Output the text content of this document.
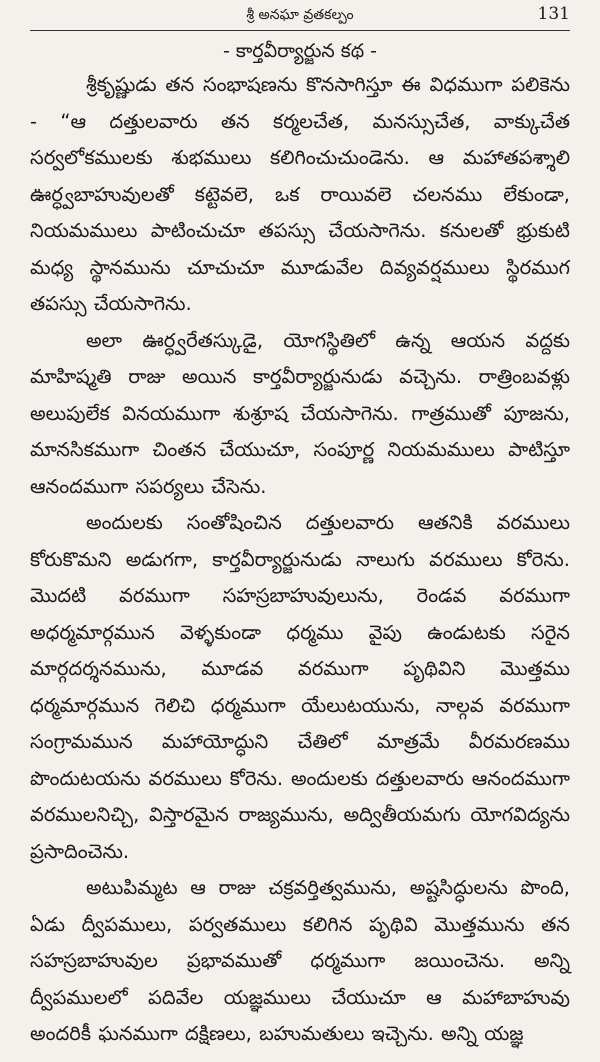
శ్రీ అనఘా వ్రతకల్పం	131
- కార్తవీర్యార్జున కథ -

శ్రీకృష్ణుడు తన సంభాషణను కొనసాగిస్తూ ఈ విధముగా పలికెను - “ఆ దత్తులవారు తన కర్మలచేత, మనస్సుచేత, వాక్కుచేత సర్వలోకములకు శుభములు కలిగించుచుండెను. ఆ మహాతపశ్శాలి ఊర్ధ్వబాహువులతో కట్టెవలె, ఒక రాయివలె చలనము లేకుండా, నియమములు పాటించుచూ తపస్సు చేయసాగెను. కనులతో భ్రుకుటి మధ్య స్థానమును చూచుచూ మూడువేల దివ్యవర్షములు స్థిరముగ తపస్సు చేయసాగెను.

అలా ఊర్ధ్వరేతస్కుడై, యోగస్థితిలో ఉన్న ఆయన వద్దకు మాహిష్మతి రాజు అయిన కార్తవీర్యార్జునుడు వచ్చెను. రాత్రింబవళ్లు అలుపులేక వినయముగా శుశ్రూష చేయసాగెను. గాత్రముతో పూజను, మానసికముగా చింతన చేయుచూ, సంపూర్ణ నియమములు పాటిస్తూ ఆనందముగా సపర్యలు చేసెను.

అందులకు సంతోషించిన దత్తులవారు ఆతనికి వరములు కోరుకొమని అడుగగా, కార్తవీర్యార్జునుడు నాలుగు వరములు కోరెను. మొదటి వరముగా సహస్రబాహువులును, రెండవ వరముగా అధర్మమార్గమున వెళ్ళకుండా ధర్మము వైపు ఉండుటకు సరైన మార్గదర్శనమును, మూడవ వరముగా పృథివిని మొత్తము ధర్మమార్గమున గెలిచి ధర్మముగా యేలుటయును, నాల్గవ వరముగా సంగ్రామమున మహాయోద్ధుని చేతిలో మాత్రమే వీరమరణము పొందుటయను వరములు కోరెను. అందులకు దత్తులవారు ఆనందముగా వరములనిచ్చి, విస్తారమైన రాజ్యమును, అద్వితీయమగు యోగవిద్యను ప్రసాదించెను.

అటుపిమ్మట ఆ రాజు చక్రవర్తిత్వమును, అష్టసిద్ధులను పొంది, ఏడు ద్వీపములు, పర్వతములు కలిగిన పృథివి మొత్తమును తన సహస్రబాహువుల ప్రభావముతో ధర్మముగా జయించెను. అన్ని ద్వీపములలో పదివేల యజ్ఞములు చేయుచూ ఆ మహాబాహువు అందరికీ ఘనముగా దక్షిణలు, బహుమతులు ఇచ్చెను. అన్ని యజ్ఞ
